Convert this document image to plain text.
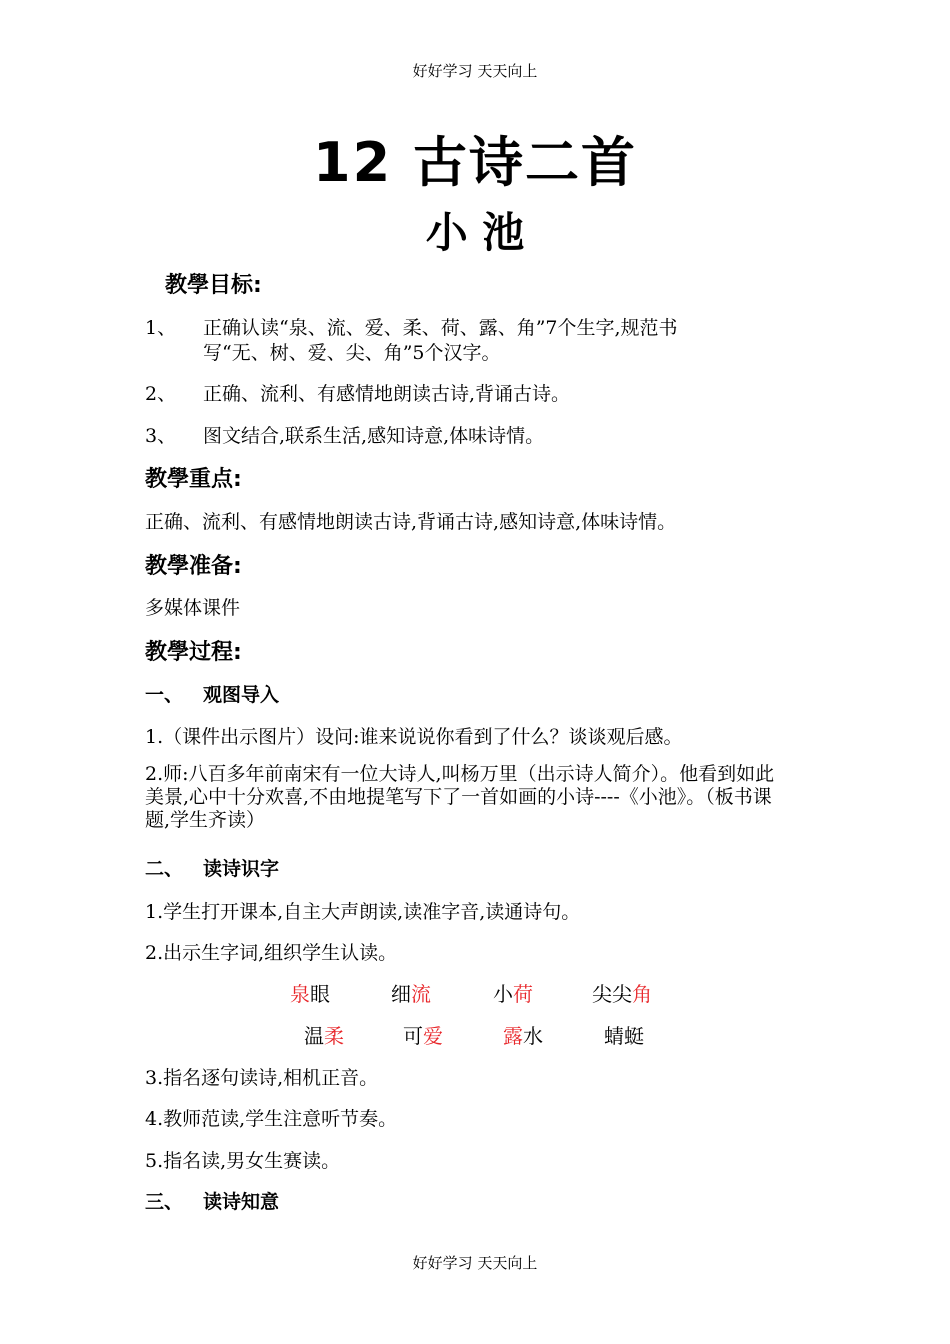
好好学习 天天向上
12 古诗二首
小 池
教學目标:
1、 正确认读“泉、流、爱、柔、荷、露、角”7个生字,规范书
写“无、树、爱、尖、角”5个汉字。
2、 正确、流利、有感情地朗读古诗,背诵古诗。
3、 图文结合,联系生活,感知诗意,体味诗情。
教學重点:
正确、流利、有感情地朗读古诗,背诵古诗,感知诗意,体味诗情。
教學准备:
多媒体课件
教學过程:
一、 观图导入
1.（课件出示图片）设问:谁来说说你看到了什么？谈谈观后感。
2.师:八百多年前南宋有一位大诗人,叫杨万里（出示诗人简介）。他看到如此美景,心中十分欢喜,不由地提笔写下了一首如画的小诗----《小池》。（板书课题,学生齐读）
二、 读诗识字
1.学生打开课本,自主大声朗读,读准字音,读通诗句。
2.出示生字词,组织学生认读。
泉眼	细流	小荷	尖尖角
温柔	可爱	露水	蜻蜓
3.指名逐句读诗,相机正音。
4.教师范读,学生注意听节奏。
5.指名读,男女生赛读。
三、 读诗知意
好好学习 天天向上
